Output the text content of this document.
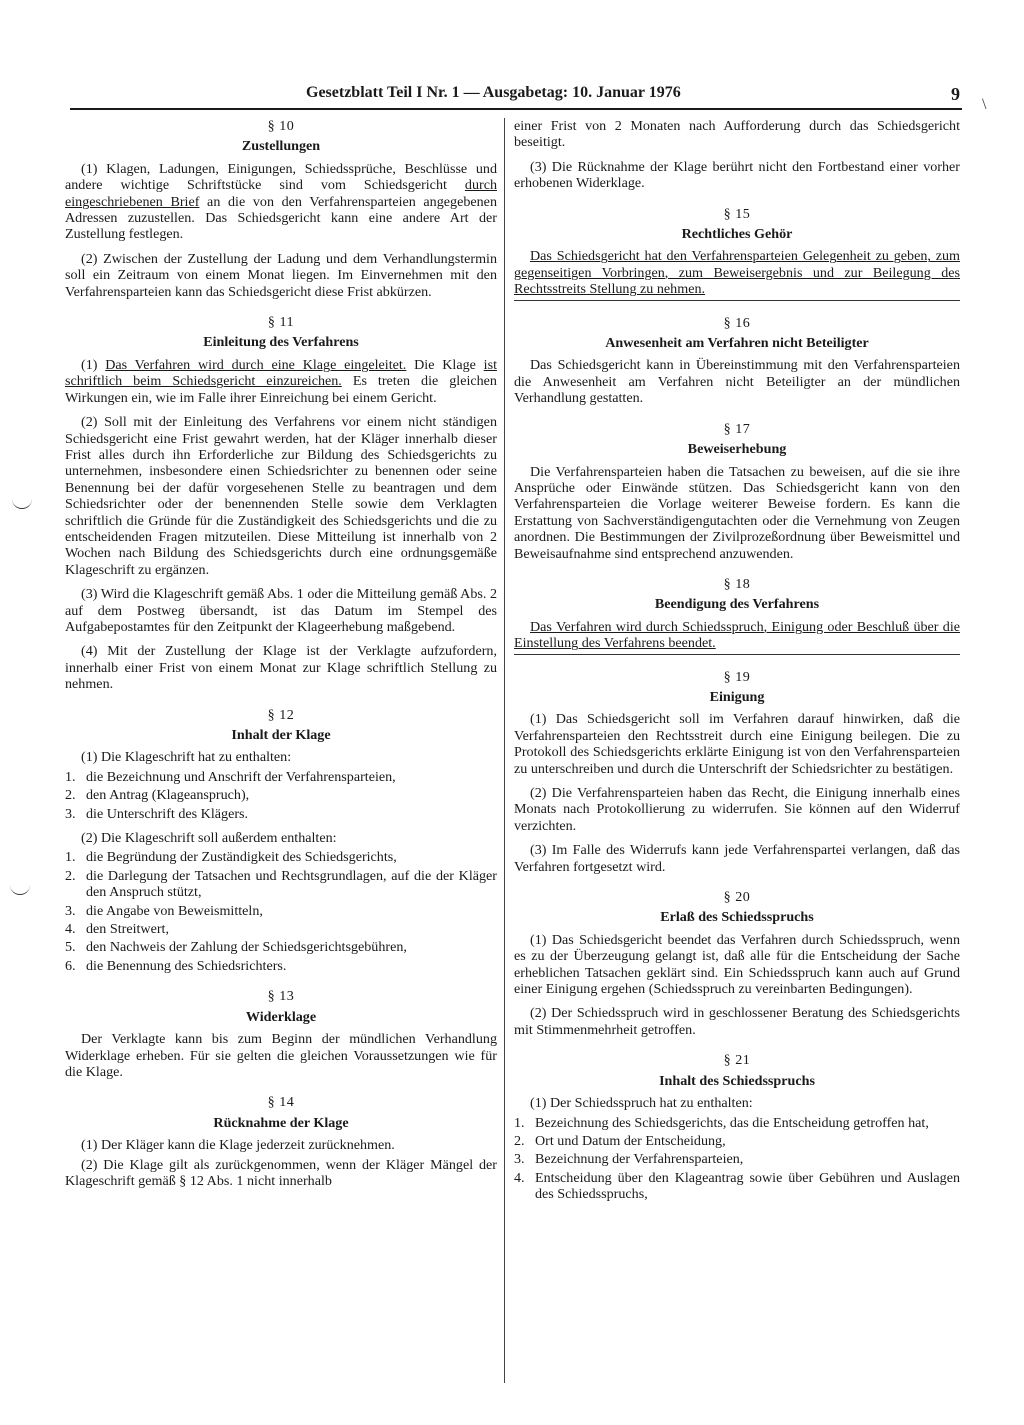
Gesetzblatt Teil I Nr. 1 — Ausgabetag: 10. Januar 1976	9
\
§ 10
Zustellungen

(1) Klagen, Ladungen, Einigungen, Schiedssprüche, Beschlüsse und andere wichtige Schriftstücke sind vom Schiedsgericht durch eingeschriebenen Brief an die von den Verfahrensparteien angegebenen Adressen zuzustellen. Das Schiedsgericht kann eine andere Art der Zustellung festlegen.

(2) Zwischen der Zustellung der Ladung und dem Verhandlungstermin soll ein Zeitraum von einem Monat liegen. Im Einvernehmen mit den Verfahrensparteien kann das Schiedsgericht diese Frist abkürzen.

§ 11
Einleitung des Verfahrens

(1) Das Verfahren wird durch eine Klage eingeleitet. Die Klage ist schriftlich beim Schiedsgericht einzureichen. Es treten die gleichen Wirkungen ein, wie im Falle ihrer Einreichung bei einem Gericht.

(2) Soll mit der Einleitung des Verfahrens vor einem nicht ständigen Schiedsgericht eine Frist gewahrt werden, hat der Kläger innerhalb dieser Frist alles durch ihn Erforderliche zur Bildung des Schiedsgerichts zu unternehmen, insbesondere einen Schiedsrichter zu benennen oder seine Benennung bei der dafür vorgesehenen Stelle zu beantragen und dem Schiedsrichter oder der benennenden Stelle sowie dem Verklagten schriftlich die Gründe für die Zuständigkeit des Schiedsgerichts und die zu entscheidenden Fragen mitzuteilen. Diese Mitteilung ist innerhalb von 2 Wochen nach Bildung des Schiedsgerichts durch eine ordnungsgemäße Klageschrift zu ergänzen.

(3) Wird die Klageschrift gemäß Abs. 1 oder die Mitteilung gemäß Abs. 2 auf dem Postweg übersandt, ist das Datum im Stempel des Aufgabepostamtes für den Zeitpunkt der Klageerhebung maßgebend.

(4) Mit der Zustellung der Klage ist der Verklagte aufzufordern, innerhalb einer Frist von einem Monat zur Klage schriftlich Stellung zu nehmen.

§ 12
Inhalt der Klage

(1) Die Klageschrift hat zu enthalten:

1. die Bezeichnung und Anschrift der Verfahrensparteien,
2. den Antrag (Klageanspruch),
3. die Unterschrift des Klägers.

(2) Die Klageschrift soll außerdem enthalten:

1. die Begründung der Zuständigkeit des Schiedsgerichts,
2. die Darlegung der Tatsachen und Rechtsgrundlagen, auf die der Kläger den Anspruch stützt,
3. die Angabe von Beweismitteln,
4. den Streitwert,
5. den Nachweis der Zahlung der Schiedsgerichtsgebühren,
6. die Benennung des Schiedsrichters.
§ 13
Widerklage

Der Verklagte kann bis zum Beginn der mündlichen Verhandlung Widerklage erheben. Für sie gelten die gleichen Voraussetzungen wie für die Klage.

§ 14
Rücknahme der Klage

(1) Der Kläger kann die Klage jederzeit zurücknehmen.

(2) Die Klage gilt als zurückgenommen, wenn der Kläger Mängel der Klageschrift gemäß § 12 Abs. 1 nicht innerhalb

einer Frist von 2 Monaten nach Aufforderung durch das Schiedsgericht beseitigt.

(3) Die Rücknahme der Klage berührt nicht den Fortbestand einer vorher erhobenen Widerklage.

§ 15
Rechtliches Gehör

Das Schiedsgericht hat den Verfahrensparteien Gelegenheit zu geben, zum gegenseitigen Vorbringen, zum Beweisergebnis und zur Beilegung des Rechtsstreits Stellung zu nehmen.

§ 16
Anwesenheit am Verfahren nicht Beteiligter

Das Schiedsgericht kann in Übereinstimmung mit den Verfahrensparteien die Anwesenheit am Verfahren nicht Beteiligter an der mündlichen Verhandlung gestatten.

§ 17
Beweiserhebung

Die Verfahrensparteien haben die Tatsachen zu beweisen, auf die sie ihre Ansprüche oder Einwände stützen. Das Schiedsgericht kann von den Verfahrensparteien die Vorlage weiterer Beweise fordern. Es kann die Erstattung von Sachverständigengutachten oder die Vernehmung von Zeugen anordnen. Die Bestimmungen der Zivilprozeßordnung über Beweismittel und Beweisaufnahme sind entsprechend anzuwenden.

§ 18
Beendigung des Verfahrens

Das Verfahren wird durch Schiedsspruch, Einigung oder Beschluß über die Einstellung des Verfahrens beendet.

§ 19
Einigung

(1) Das Schiedsgericht soll im Verfahren darauf hinwirken, daß die Verfahrensparteien den Rechtsstreit durch eine Einigung beilegen. Die zu Protokoll des Schiedsgerichts erklärte Einigung ist von den Verfahrensparteien zu unterschreiben und durch die Unterschrift der Schiedsrichter zu bestätigen.

(2) Die Verfahrensparteien haben das Recht, die Einigung innerhalb eines Monats nach Protokollierung zu widerrufen. Sie können auf den Widerruf verzichten.

(3) Im Falle des Widerrufs kann jede Verfahrenspartei verlangen, daß das Verfahren fortgesetzt wird.

§ 20
Erlaß des Schiedsspruchs

(1) Das Schiedsgericht beendet das Verfahren durch Schiedsspruch, wenn es zu der Überzeugung gelangt ist, daß alle für die Entscheidung der Sache erheblichen Tatsachen geklärt sind. Ein Schiedsspruch kann auch auf Grund einer Einigung ergehen (Schiedsspruch zu vereinbarten Bedingungen).

(2) Der Schiedsspruch wird in geschlossener Beratung des Schiedsgerichts mit Stimmenmehrheit getroffen.

§ 21
Inhalt des Schiedsspruchs

(1) Der Schiedsspruch hat zu enthalten:

1. Bezeichnung des Schiedsgerichts, das die Entscheidung getroffen hat,
2. Ort und Datum der Entscheidung,
3. Bezeichnung der Verfahrensparteien,
4. Entscheidung über den Klageantrag sowie über Gebühren und Auslagen des Schiedsspruchs,
